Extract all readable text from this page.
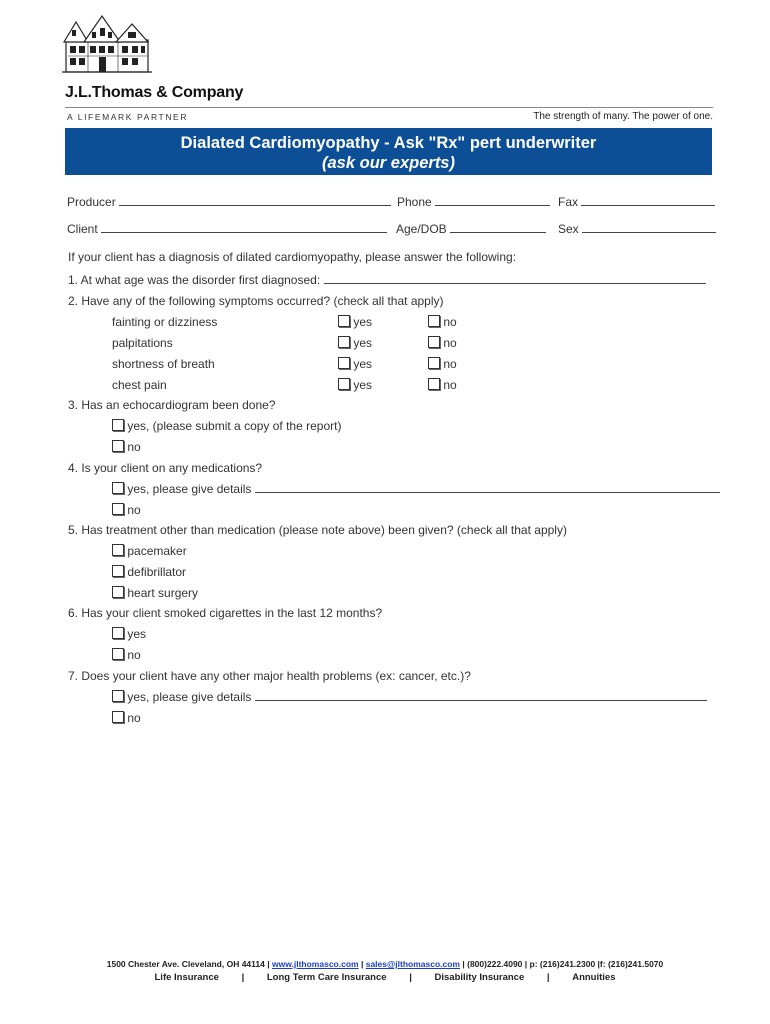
J.L.Thomas & Company
A LIFEMARK PARTNER	The strength of many. The power of one.
Dialated Cardiomyopathy - Ask "Rx" pert underwriter
(ask our experts)
Producer	Phone	Fax
Client	Age/DOB	Sex
If your client has a diagnosis of dilated cardiomyopathy, please answer the following:
1. At what age was the disorder first diagnosed:
2. Have any of the following symptoms occurred? (check all that apply)
fainting or dizziness	yes	no
palpitations	yes	no
shortness of breath	yes	no
chest pain	yes	no
3. Has an echocardiogram been done?
yes, (please submit a copy of the report)
no
4. Is your client on any medications?
yes, please give details
no
5. Has treatment other than medication (please note above) been given? (check all that apply)
pacemaker
defibrillator
heart surgery
6. Has your client smoked cigarettes in the last 12 months?
yes
no
7. Does your client have any other major health problems (ex: cancer, etc.)?
yes, please give details
no
1500 Chester Ave. Cleveland, OH 44114 | www.jlthomasco.com | sales@jlthomasco.com | (800)222.4090 | p: (216)241.2300 |f: (216)241.5070
Life Insurance | Long Term Care Insurance | Disability Insurance | Annuities
